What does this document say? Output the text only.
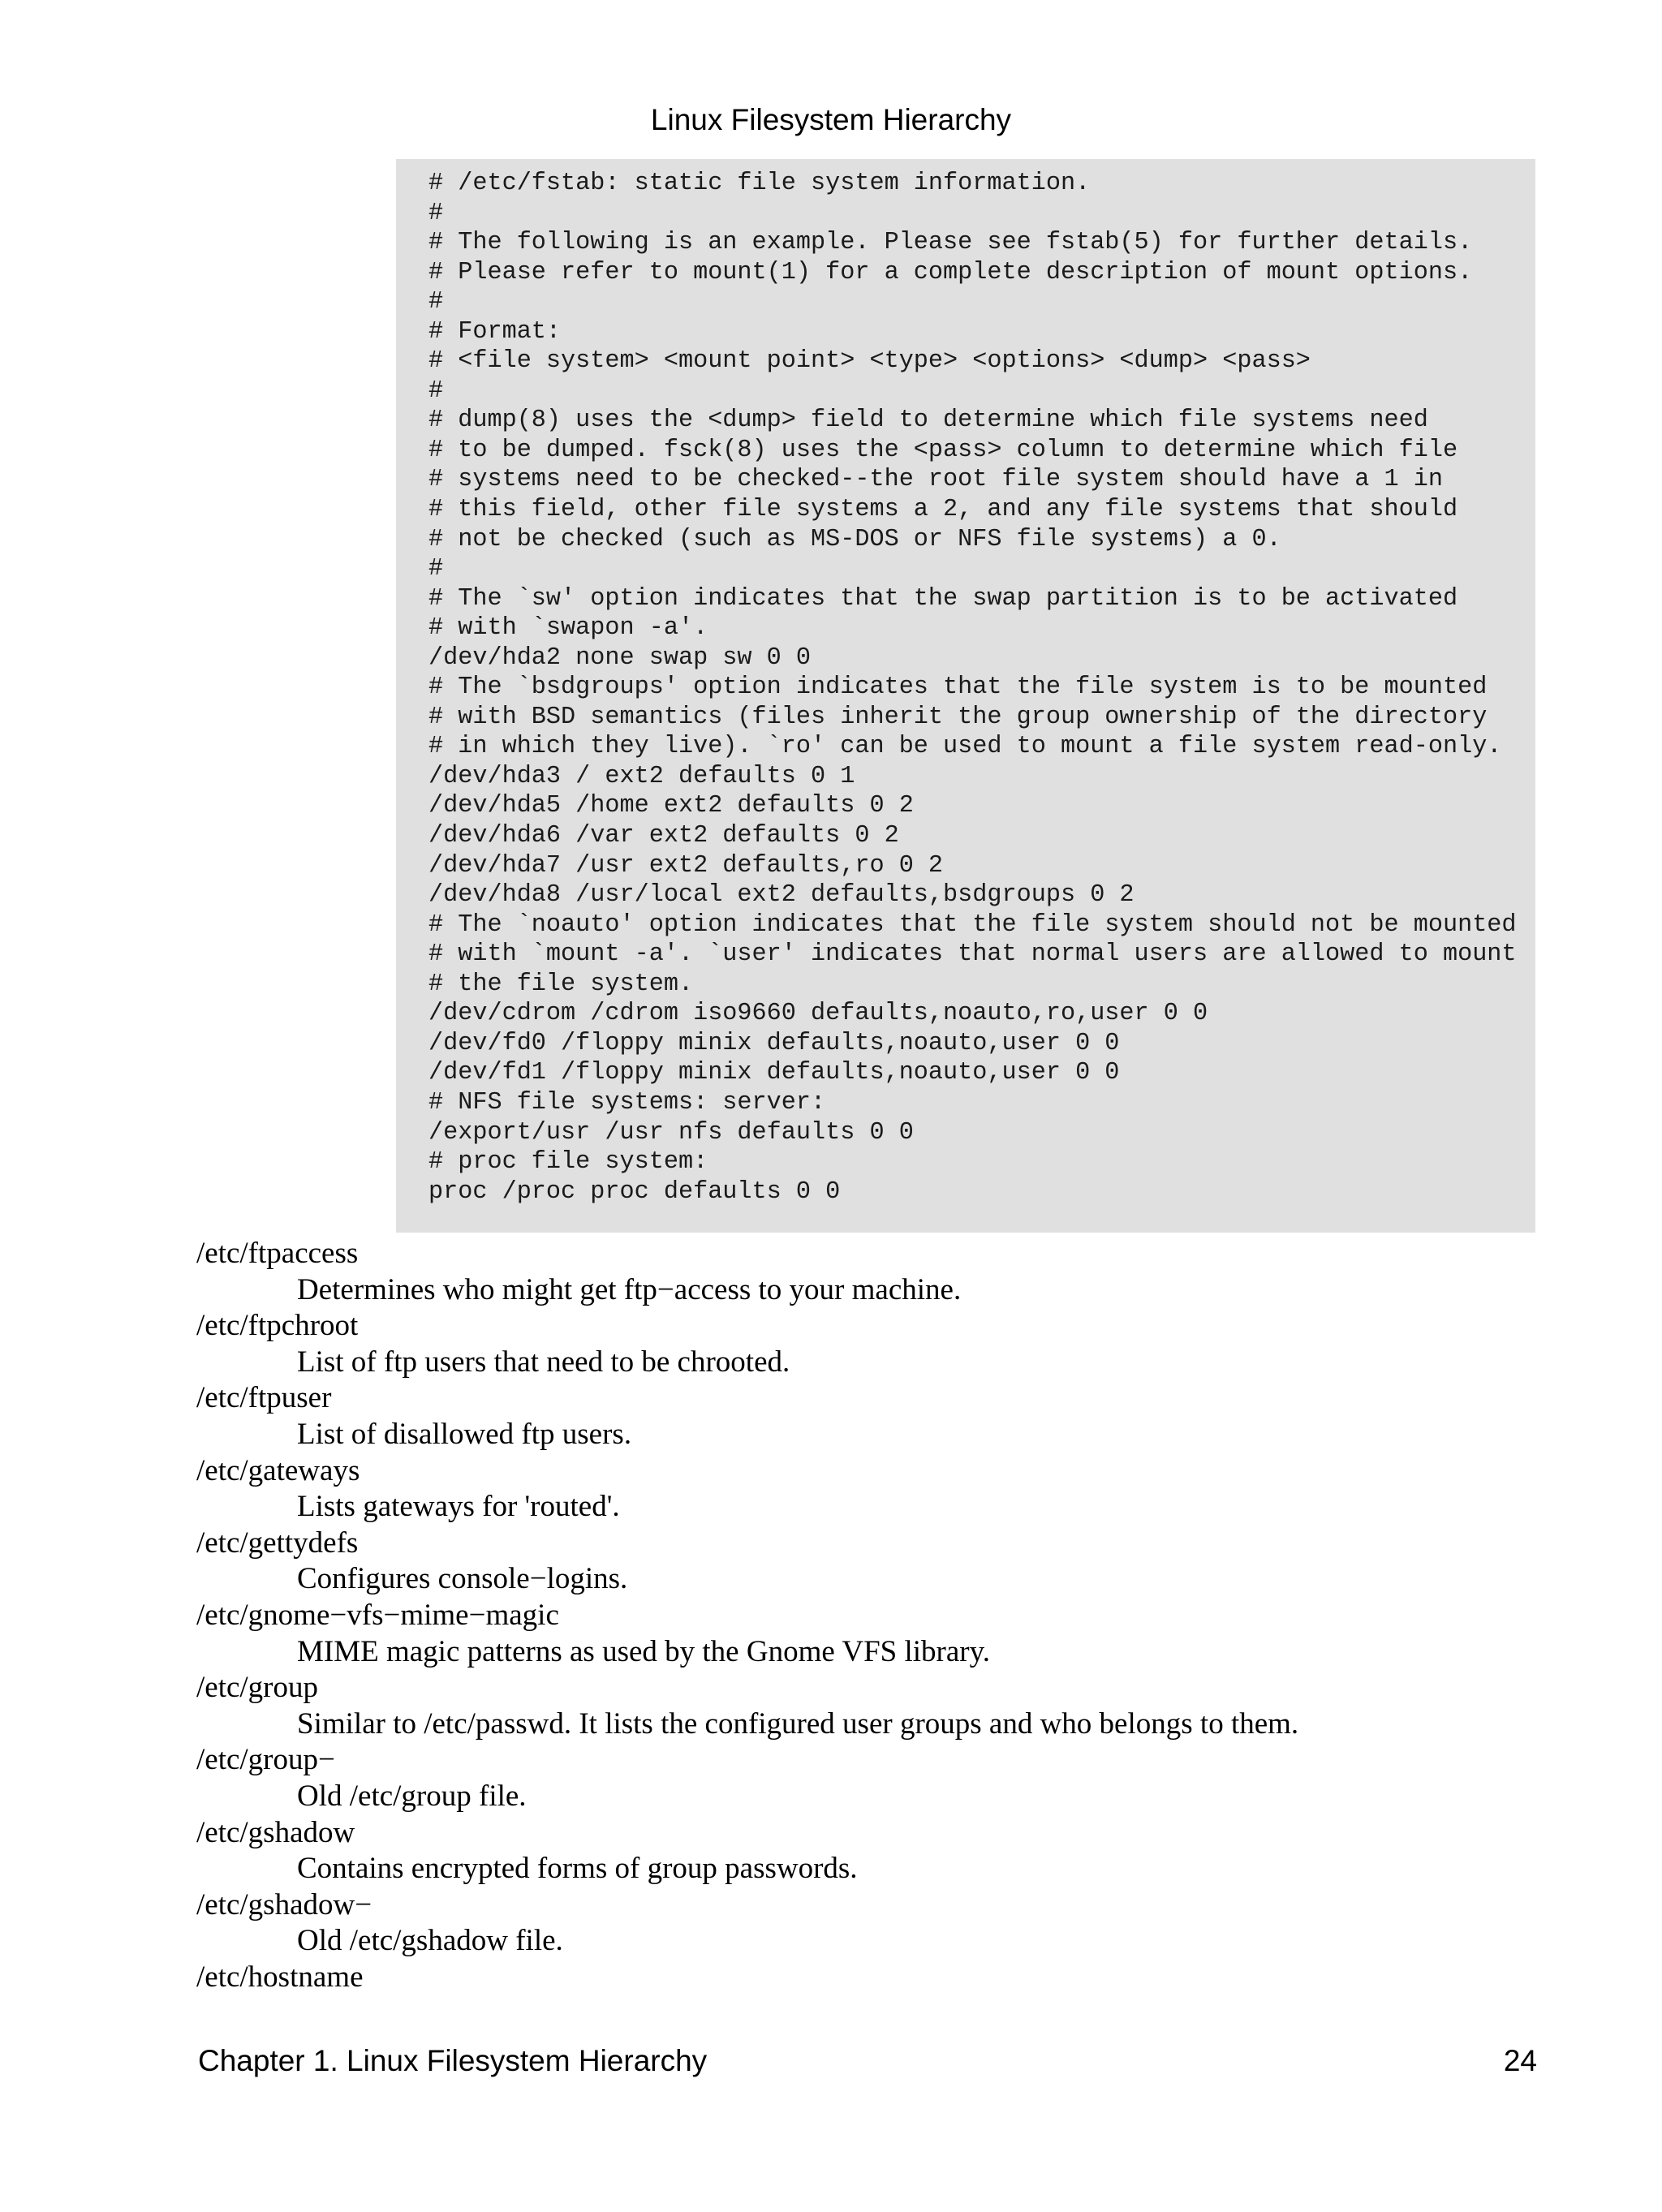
Linux Filesystem Hierarchy
# /etc/fstab: static file system information.
#
# The following is an example. Please see fstab(5) for further details.
# Please refer to mount(1) for a complete description of mount options.
#
# Format:
# <file system> <mount point> <type> <options> <dump> <pass>
#
# dump(8) uses the <dump> field to determine which file systems need
# to be dumped. fsck(8) uses the <pass> column to determine which file
# systems need to be checked--the root file system should have a 1 in
# this field, other file systems a 2, and any file systems that should
# not be checked (such as MS-DOS or NFS file systems) a 0.
#
# The `sw' option indicates that the swap partition is to be activated
# with `swapon -a'.
/dev/hda2 none swap sw 0 0
# The `bsdgroups' option indicates that the file system is to be mounted
# with BSD semantics (files inherit the group ownership of the directory
# in which they live). `ro' can be used to mount a file system read-only.
/dev/hda3 / ext2 defaults 0 1
/dev/hda5 /home ext2 defaults 0 2
/dev/hda6 /var ext2 defaults 0 2
/dev/hda7 /usr ext2 defaults,ro 0 2
/dev/hda8 /usr/local ext2 defaults,bsdgroups 0 2
# The `noauto' option indicates that the file system should not be mounted
# with `mount -a'. `user' indicates that normal users are allowed to mount
# the file system.
/dev/cdrom /cdrom iso9660 defaults,noauto,ro,user 0 0
/dev/fd0 /floppy minix defaults,noauto,user 0 0
/dev/fd1 /floppy minix defaults,noauto,user 0 0
# NFS file systems: server:
/export/usr /usr nfs defaults 0 0
# proc file system:
proc /proc proc defaults 0 0
/etc/ftpaccess
Determines who might get ftp−access to your machine.
/etc/ftpchroot
List of ftp users that need to be chrooted.
/etc/ftpuser
List of disallowed ftp users.
/etc/gateways
Lists gateways for 'routed'.
/etc/gettydefs
Configures console−logins.
/etc/gnome−vfs−mime−magic
MIME magic patterns as used by the Gnome VFS library.
/etc/group
Similar to /etc/passwd. It lists the configured user groups and who belongs to them.
/etc/group−
Old /etc/group file.
/etc/gshadow
Contains encrypted forms of group passwords.
/etc/gshadow−
Old /etc/gshadow file.
/etc/hostname
Chapter 1. Linux Filesystem Hierarchy	24
